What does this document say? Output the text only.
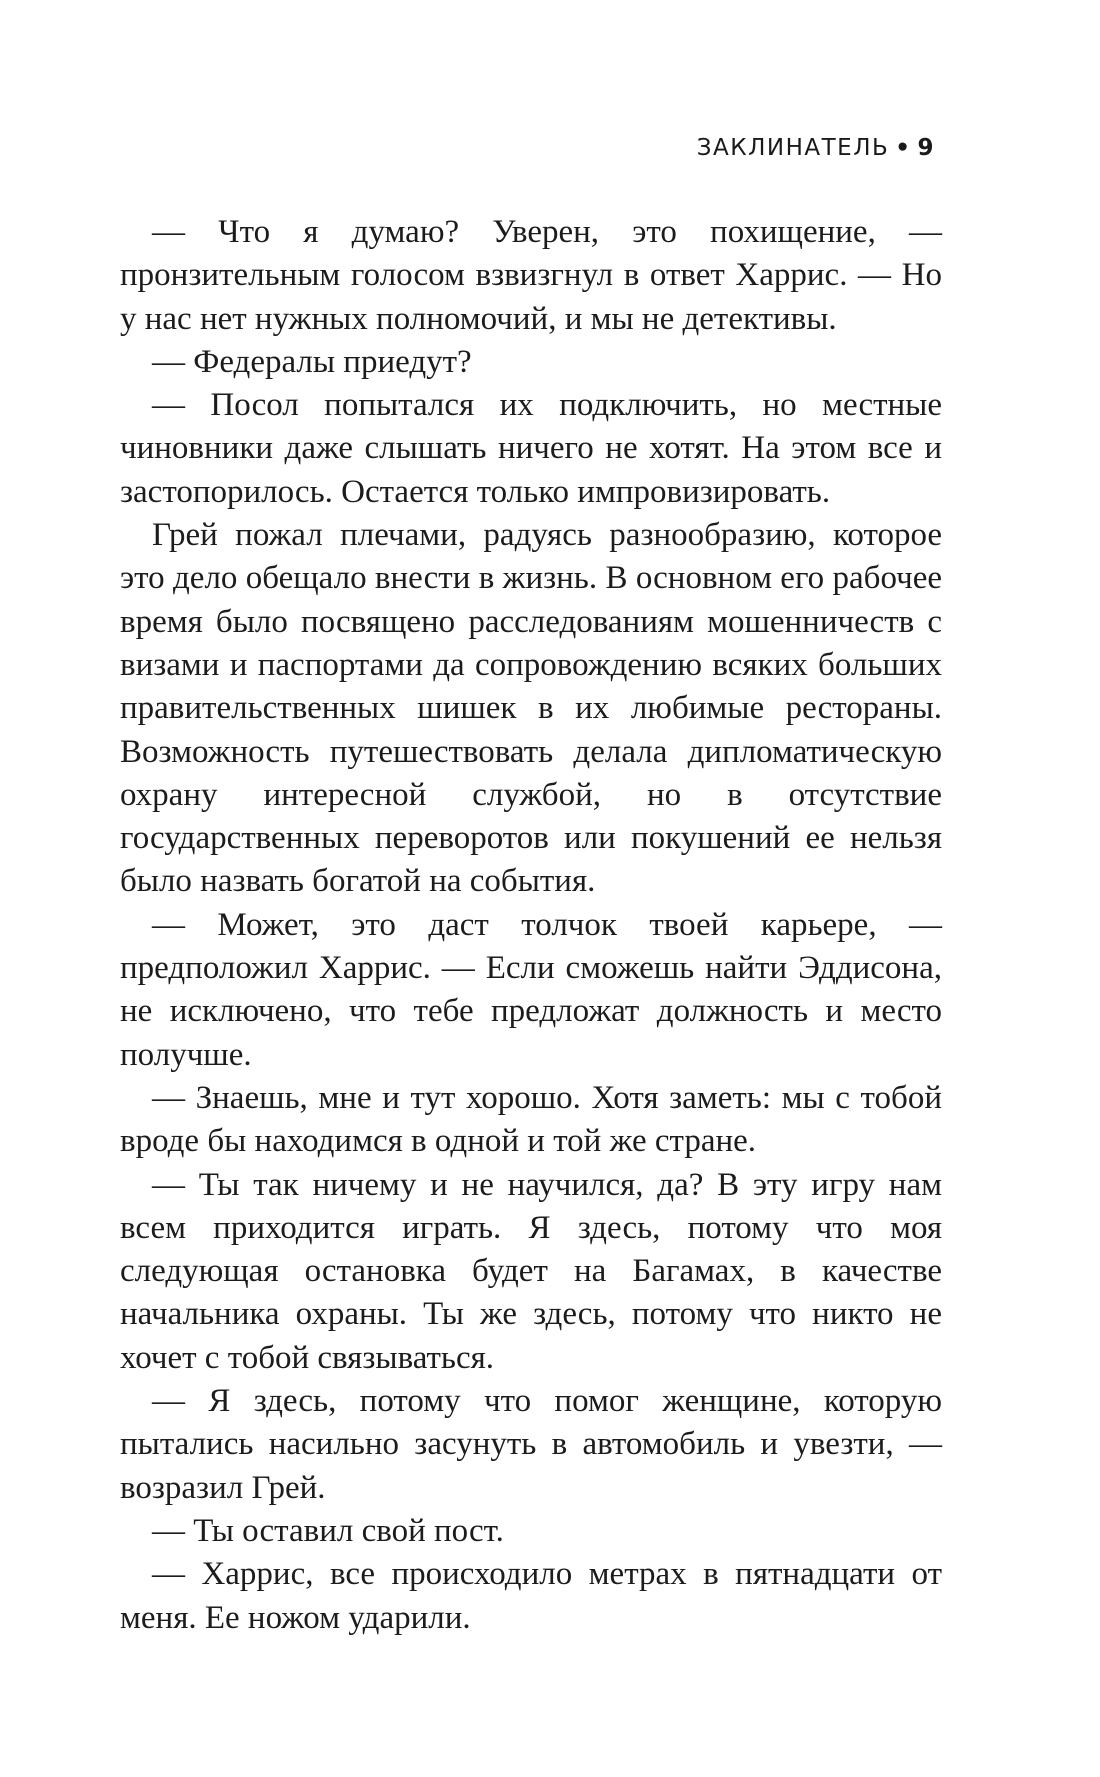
ЗАКЛИНАТЕЛЬ • 9

— Что я думаю? Уверен, это похищение, — пронзительным голосом взвизгнул в ответ Харрис. — Но у нас нет нужных полномочий, и мы не детективы.

— Федералы приедут?

— Посол попытался их подключить, но местные чиновники даже слышать ничего не хотят. На этом все и застопорилось. Остается только импровизировать.

Грей пожал плечами, радуясь разнообразию, которое это дело обещало внести в жизнь. В основном его рабочее время было посвящено расследованиям мошенничеств с визами и паспортами да сопровождению всяких больших правительственных шишек в их любимые рестораны. Возможность путешествовать делала дипломатическую охрану интересной службой, но в отсутствие государственных переворотов или покушений ее нельзя было назвать богатой на события.

— Может, это даст толчок твоей карьере, — предположил Харрис. — Если сможешь найти Эддисона, не исключено, что тебе предложат должность и место получше.

— Знаешь, мне и тут хорошо. Хотя заметь: мы с тобой вроде бы находимся в одной и той же стране.

— Ты так ничему и не научился, да? В эту игру нам всем приходится играть. Я здесь, потому что моя следующая остановка будет на Багамах, в качестве начальника охраны. Ты же здесь, потому что никто не хочет с тобой связываться.

— Я здесь, потому что помог женщине, которую пытались насильно засунуть в автомобиль и увезти, — возразил Грей.

— Ты оставил свой пост.

— Харрис, все происходило метрах в пятнадцати от меня. Ее ножом ударили.
